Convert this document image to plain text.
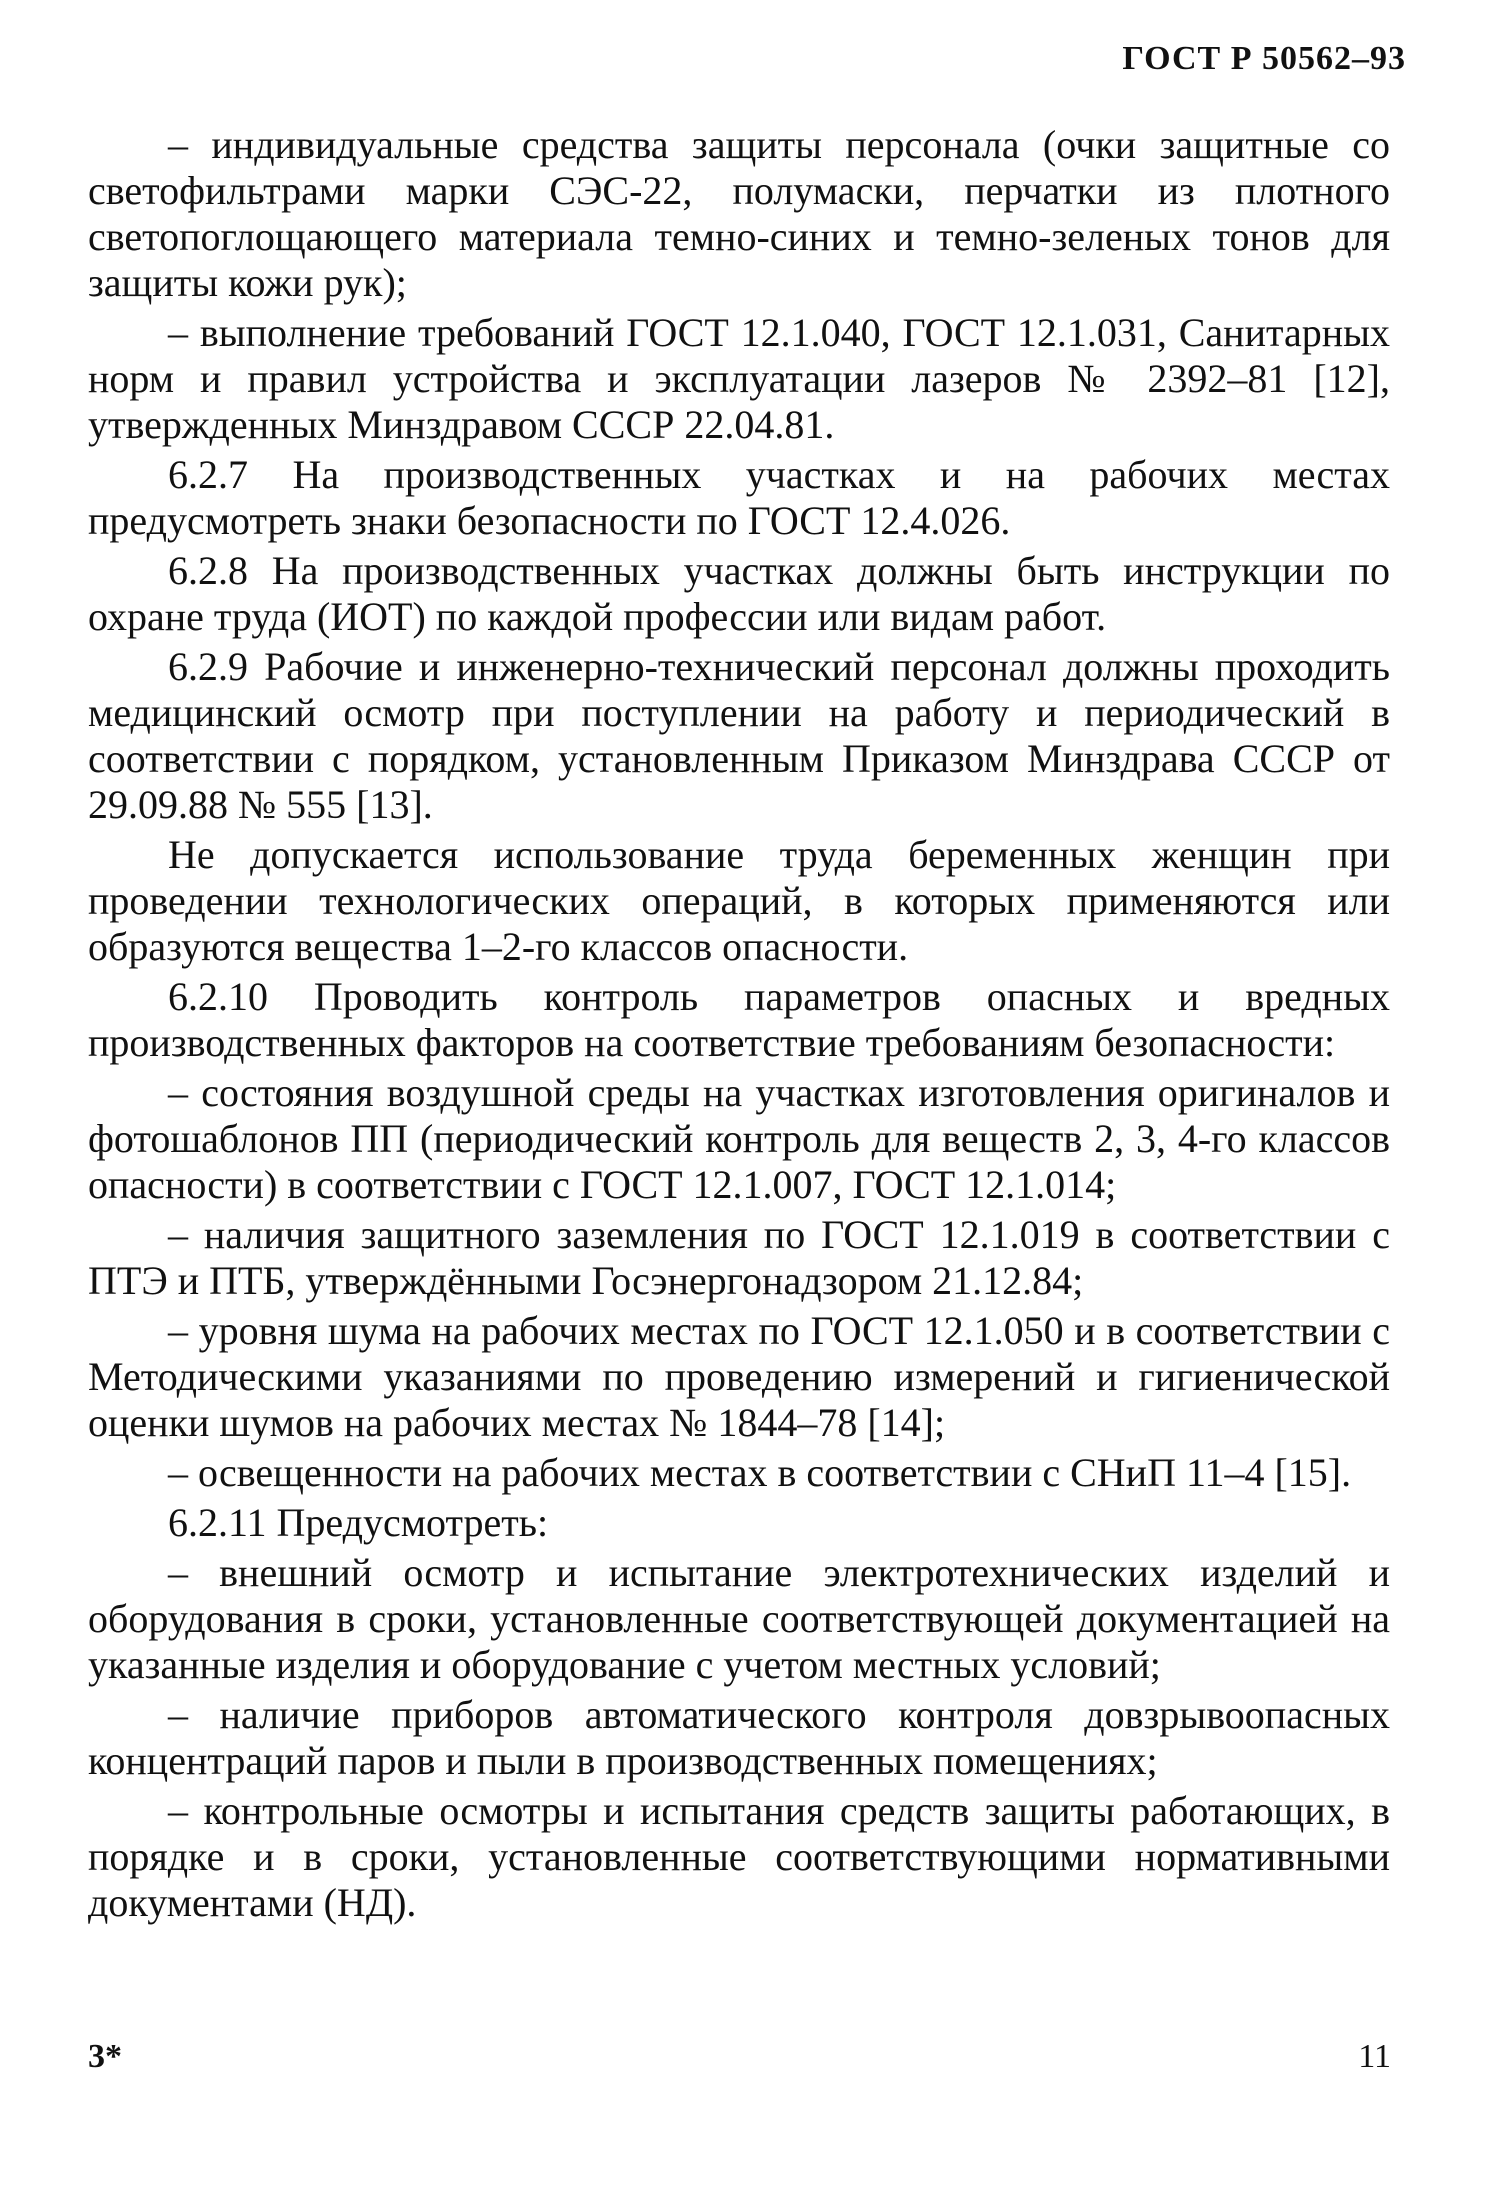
ГОСТ Р 50562–93

– индивидуальные средства защиты персонала (очки защитные со светофильтрами марки СЭС-22, полумаски, перчатки из плотного светопоглощающего материала темно-синих и темно-зеленых тонов для защиты кожи рук);

– выполнение требований ГОСТ 12.1.040, ГОСТ 12.1.031, Санитарных норм и правил устройства и эксплуатации лазеров № 2392–81 [12], утвержденных Минздравом СССР 22.04.81.

6.2.7 На производственных участках и на рабочих местах предусмотреть знаки безопасности по ГОСТ 12.4.026.

6.2.8 На производственных участках должны быть инструкции по охране труда (ИОТ) по каждой профессии или видам работ.

6.2.9 Рабочие и инженерно-технический персонал должны проходить медицинский осмотр при поступлении на работу и периодический в соответствии с порядком, установленным Приказом Минздрава СССР от 29.09.88 № 555 [13].

Не допускается использование труда беременных женщин при проведении технологических операций, в которых применяются или образуются вещества 1–2-го классов опасности.

6.2.10 Проводить контроль параметров опасных и вредных производственных факторов на соответствие требованиям безопасности:

– состояния воздушной среды на участках изготовления оригиналов и фотошаблонов ПП (периодический контроль для веществ 2, 3, 4-го классов опасности) в соответствии с ГОСТ 12.1.007, ГОСТ 12.1.014;

– наличия защитного заземления по ГОСТ 12.1.019 в соответствии с ПТЭ и ПТБ, утверждёнными Госэнергонадзором 21.12.84;

– уровня шума на рабочих местах по ГОСТ 12.1.050 и в соответствии с Методическими указаниями по проведению измерений и гигиенической оценки шумов на рабочих местах № 1844–78 [14];

– освещенности на рабочих местах в соответствии с СНиП 11–4 [15].

6.2.11 Предусмотреть:

– внешний осмотр и испытание электротехнических изделий и оборудования в сроки, установленные соответствующей документацией на указанные изделия и оборудование с учетом местных условий;

– наличие приборов автоматического контроля довзрывоопасных концентраций паров и пыли в производственных помещениях;

– контрольные осмотры и испытания средств защиты работающих, в порядке и в сроки, установленные соответствующими нормативными документами (НД).

3*	11
